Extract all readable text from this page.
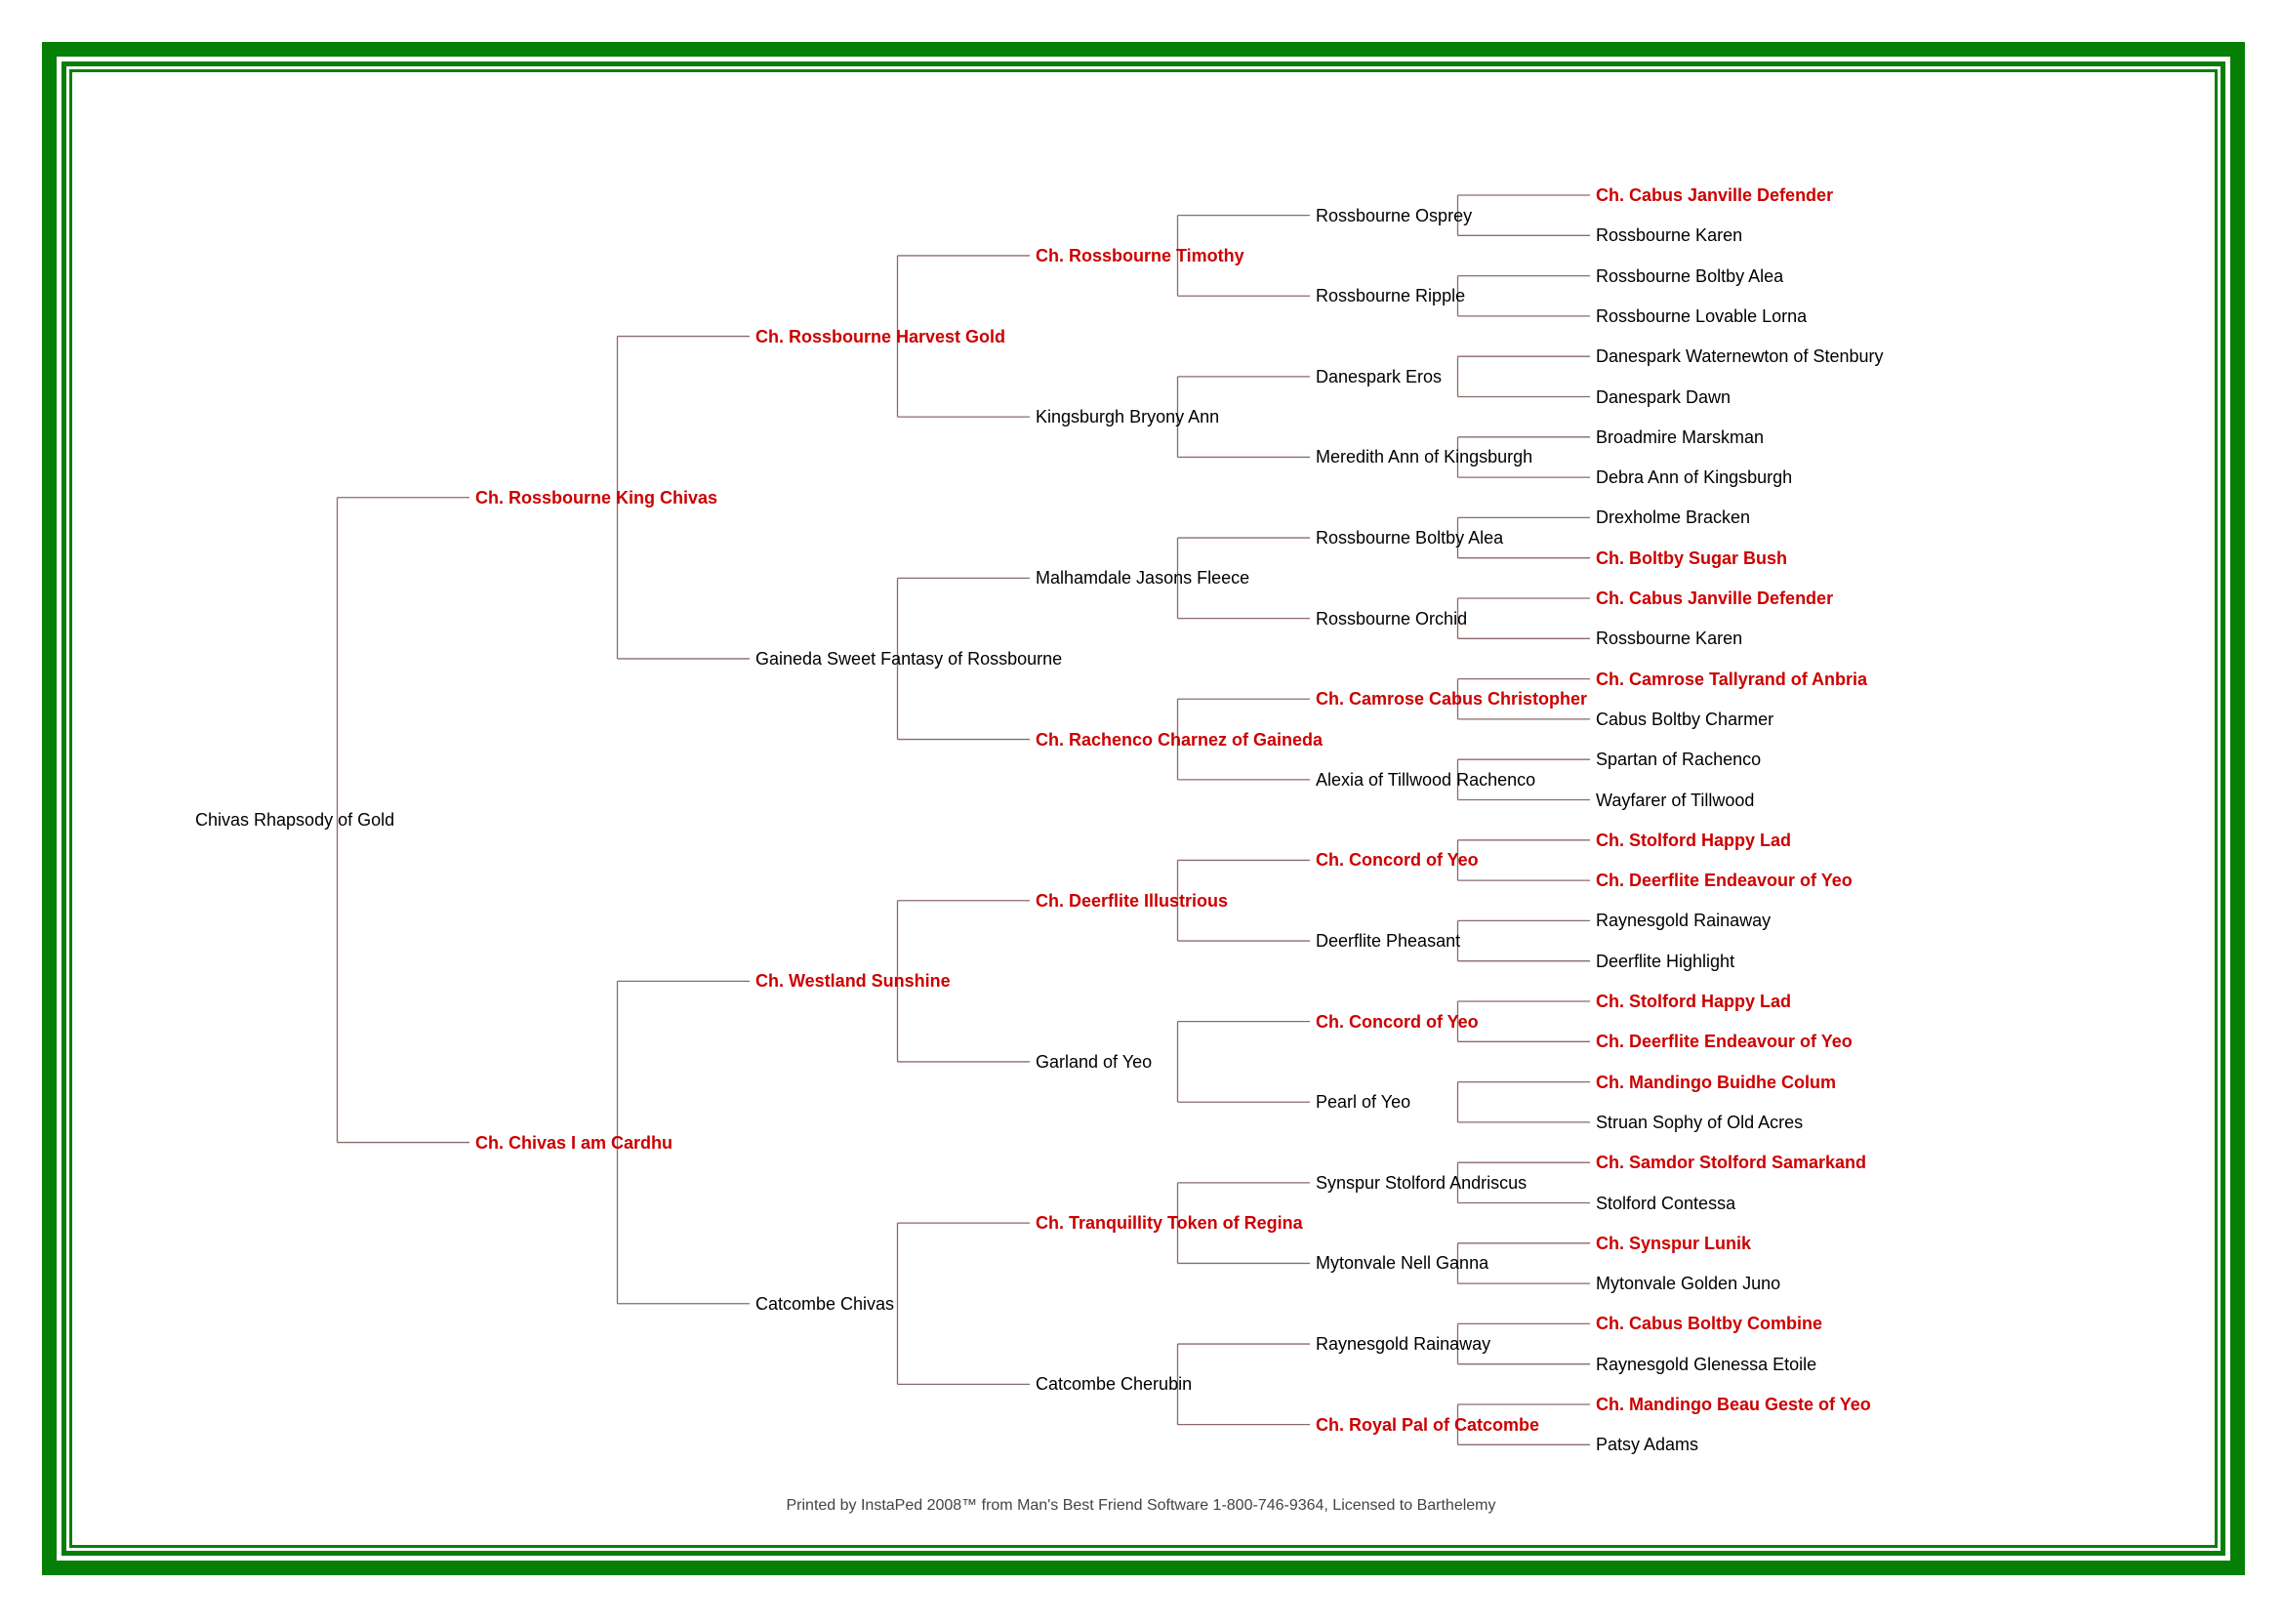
Chivas Rhapsody of Gold
Ch. Rossbourne King Chivas
Ch. Chivas I am Cardhu
Ch. Rossbourne Harvest Gold
Gaineda Sweet Fantasy of Rossbourne
Ch. Westland Sunshine
Catcombe Chivas
Ch. Rossbourne Timothy
Kingsburgh Bryony Ann
Malhamdale Jasons Fleece
Ch. Rachenco Charnez of Gaineda
Ch. Deerflite Illustrious
Garland of Yeo
Ch. Tranquillity Token of Regina
Catcombe Cherubin
Rossbourne Osprey
Rossbourne Ripple
Danespark Eros
Meredith Ann of Kingsburgh
Rossbourne Boltby Alea
Rossbourne Orchid
Ch. Camrose Cabus Christopher
Alexia of Tillwood Rachenco
Ch. Concord of Yeo
Deerflite Pheasant
Ch. Concord of Yeo
Pearl of Yeo
Synspur Stolford Andriscus
Mytonvale Nell Ganna
Raynesgold Rainaway
Ch. Royal Pal of Catcombe
Ch. Cabus Janville Defender
Rossbourne Karen
Rossbourne Boltby Alea
Rossbourne Lovable Lorna
Danespark Waternewton of Stenbury
Danespark Dawn
Broadmire Marskman
Debra Ann of Kingsburgh
Drexholme Bracken
Ch. Boltby Sugar Bush
Ch. Cabus Janville Defender
Rossbourne Karen
Ch. Camrose Tallyrand of Anbria
Cabus Boltby Charmer
Spartan of Rachenco
Wayfarer of Tillwood
Ch. Stolford Happy Lad
Ch. Deerflite Endeavour of Yeo
Raynesgold Rainaway
Deerflite Highlight
Ch. Stolford Happy Lad
Ch. Deerflite Endeavour of Yeo
Ch. Mandingo Buidhe Colum
Struan Sophy of Old Acres
Ch. Samdor Stolford Samarkand
Stolford Contessa
Ch. Synspur Lunik
Mytonvale Golden Juno
Ch. Cabus Boltby Combine
Raynesgold Glenessa Etoile
Ch. Mandingo Beau Geste of Yeo
Patsy Adams
Printed by InstaPed 2008™ from Man's Best Friend Software 1-800-746-9364, Licensed to Barthelemy
